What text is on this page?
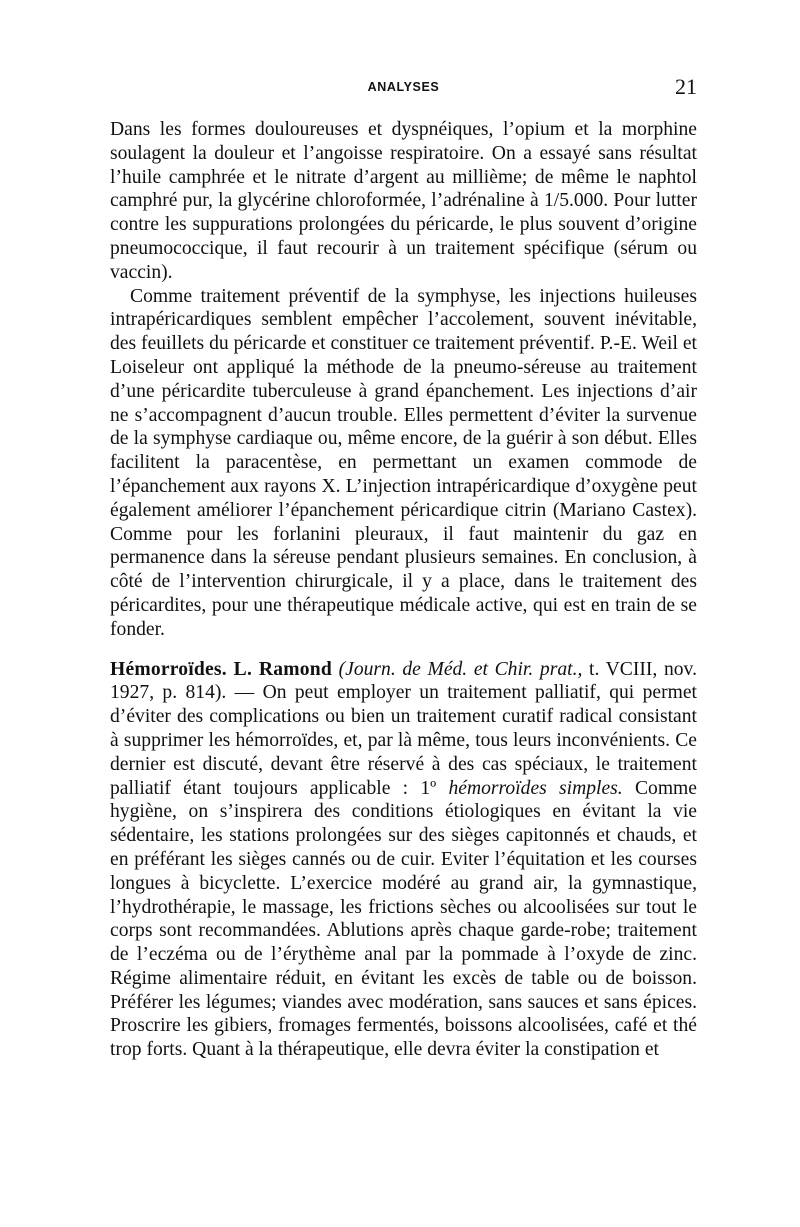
ANALYSES	21

Dans les formes douloureuses et dyspnéiques, l’opium et la morphine soulagent la douleur et l’angoisse respiratoire. On a essayé sans résultat l’huile camphrée et le nitrate d’argent au millième; de même le naphtol camphré pur, la glycérine chloroformée, l’adrénaline à 1/5.000. Pour lutter contre les suppurations prolongées du péricarde, le plus souvent d’origine pneumococcique, il faut recourir à un traitement spécifique (sérum ou vaccin).

Comme traitement préventif de la symphyse, les injections huileuses intrapéricardiques semblent empêcher l’accolement, souvent inévitable, des feuillets du péricarde et constituer ce traitement préventif. P.-E. Weil et Loiseleur ont appliqué la méthode de la pneumo-séreuse au traitement d’une péricardite tuberculeuse à grand épanchement. Les injections d’air ne s’accompagnent d’aucun trouble. Elles permettent d’éviter la survenue de la symphyse cardiaque ou, même encore, de la guérir à son début. Elles facilitent la paracentèse, en permettant un examen commode de l’épanchement aux rayons X. L’injection intrapéricardique d’oxygène peut également améliorer l’épanchement péricardique citrin (Mariano Castex). Comme pour les forlanini pleuraux, il faut maintenir du gaz en permanence dans la séreuse pendant plusieurs semaines. En conclusion, à côté de l’intervention chirurgicale, il y a place, dans le traitement des péricardites, pour une thérapeutique médicale active, qui est en train de se fonder.

Hémorroïdes. L. Ramond (Journ. de Méd. et Chir. prat., t. VCIII, nov. 1927, p. 814). — On peut employer un traitement palliatif, qui permet d’éviter des complications ou bien un traitement curatif radical consistant à supprimer les hémorroïdes, et, par là même, tous leurs inconvénients. Ce dernier est discuté, devant être réservé à des cas spéciaux, le traitement palliatif étant toujours applicable : 1º hémorroïdes simples. Comme hygiène, on s’inspirera des conditions étiologiques en évitant la vie sédentaire, les stations prolongées sur des sièges capitonnés et chauds, et en préférant les sièges cannés ou de cuir. Eviter l’équitation et les courses longues à bicyclette. L’exercice modéré au grand air, la gymnastique, l’hydrothérapie, le massage, les frictions sèches ou alcoolisées sur tout le corps sont recommandées. Ablutions après chaque garde-robe; traitement de l’eczéma ou de l’érythème anal par la pommade à l’oxyde de zinc. Régime alimentaire réduit, en évitant les excès de table ou de boisson. Préférer les légumes; viandes avec modération, sans sauces et sans épices. Proscrire les gibiers, fromages fermentés, boissons alcoolisées, café et thé trop forts. Quant à la thérapeutique, elle devra éviter la constipation et
